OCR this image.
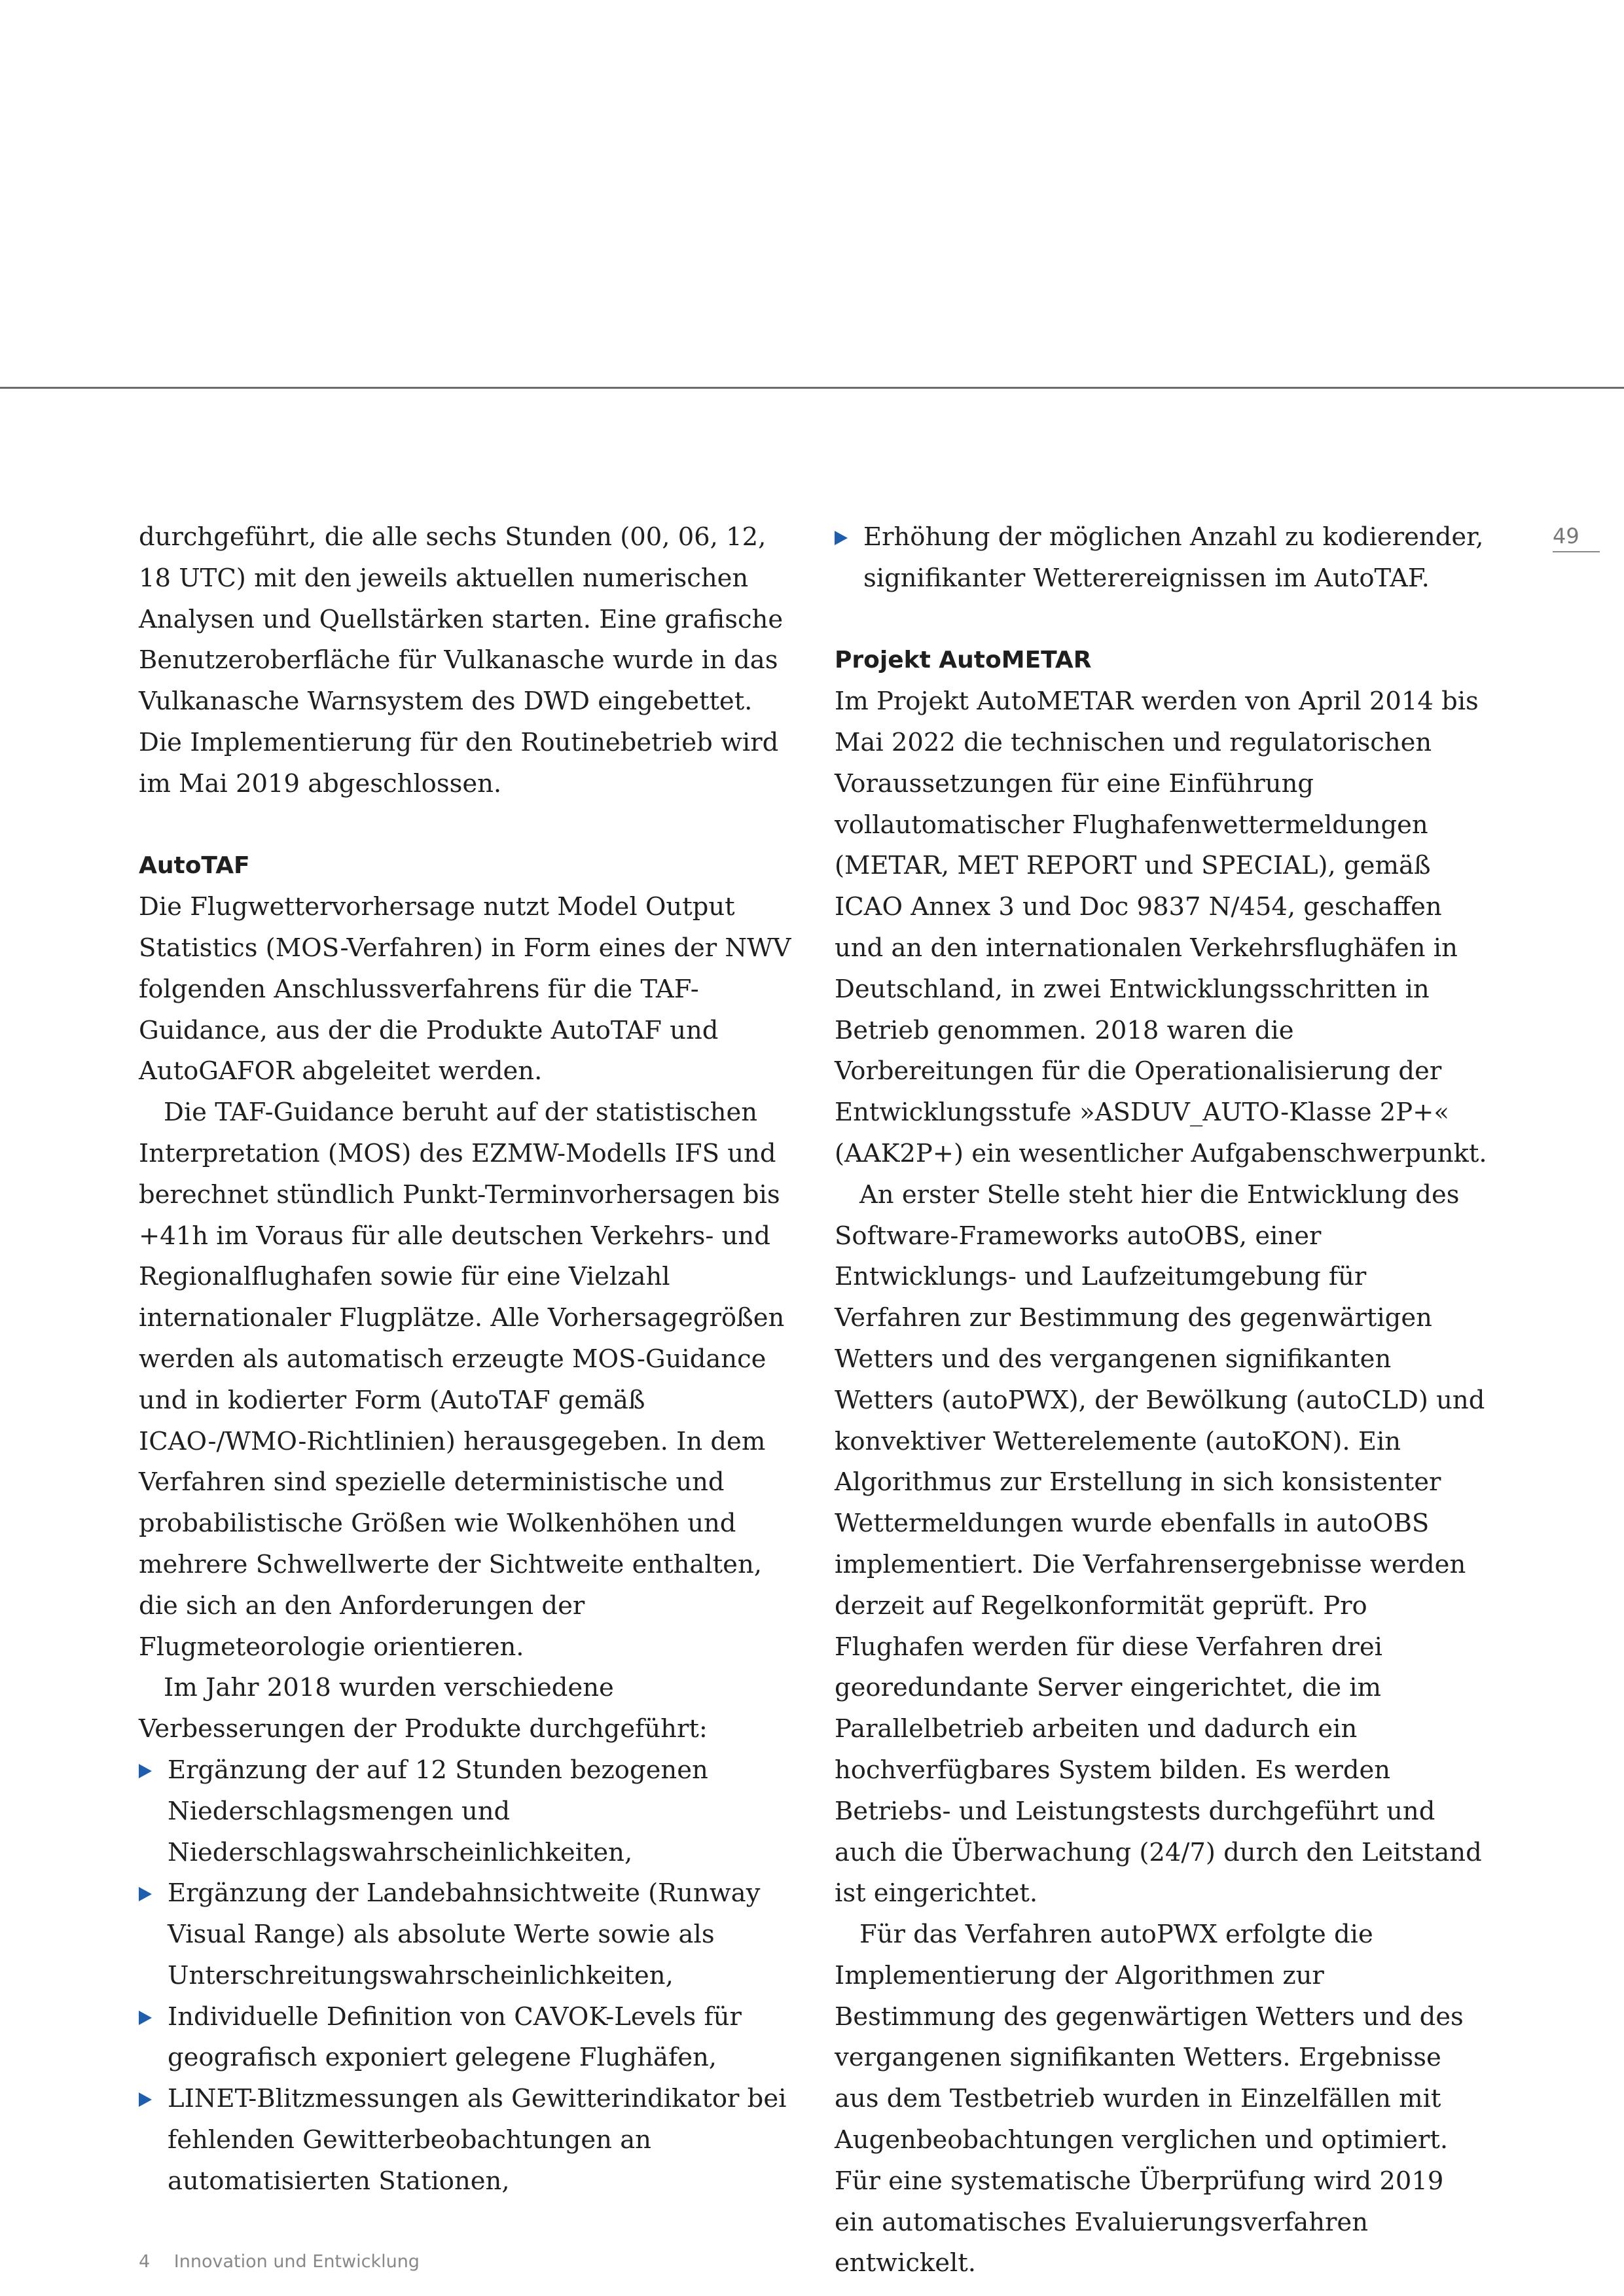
49

durchgeführt, die alle sechs Stunden (00, 06, 12, 18 UTC) mit den jeweils aktuellen numerischen Analysen und Quellstärken starten. Eine grafische Benutzeroberfläche für Vulkanasche wurde in das Vulkanasche Warnsystem des DWD eingebettet. Die Implementierung für den Routinebetrieb wird im Mai 2019 abgeschlossen.

AutoTAF

Die Flugwettervorhersage nutzt Model Output Statistics (MOS-Verfahren) in Form eines der NWV folgenden Anschlussverfahrens für die TAF-Guidance, aus der die Produkte AutoTAF und AutoGAFOR abgeleitet werden.

Die TAF-Guidance beruht auf der statistischen Interpretation (MOS) des EZMW-Modells IFS und berechnet stündlich Punkt-Terminvorhersagen bis +41h im Voraus für alle deutschen Verkehrs- und Regionalflughafen sowie für eine Vielzahl internationaler Flugplätze. Alle Vorhersagegrößen werden als automatisch erzeugte MOS-Guidance und in kodierter Form (AutoTAF gemäß ICAO-/WMO-Richtlinien) herausgegeben. In dem Verfahren sind spezielle deterministische und probabilistische Größen wie Wolkenhöhen und mehrere Schwellwerte der Sichtweite enthalten, die sich an den Anforderungen der Flugmeteorologie orientieren.

Im Jahr 2018 wurden verschiedene Verbesserungen der Produkte durchgeführt:

Ergänzung der auf 12 Stunden bezogenen Niederschlagsmengen und Niederschlagswahrscheinlichkeiten,
Ergänzung der Landebahnsichtweite (Runway Visual Range) als absolute Werte sowie als Unterschreitungswahrscheinlichkeiten,
Individuelle Definition von CAVOK-Levels für geografisch exponiert gelegene Flughäfen,
LINET-Blitzmessungen als Gewitterindikator bei fehlenden Gewitterbeobachtungen an automatisierten Stationen,
Erhöhung der möglichen Anzahl zu kodierender, signifikanter Wetterereignissen im AutoTAF.
Projekt AutoMETAR

Im Projekt AutoMETAR werden von April 2014 bis Mai 2022 die technischen und regulatorischen Voraussetzungen für eine Einführung vollautomatischer Flughafenwettermeldungen (METAR, MET REPORT und SPECIAL), gemäß ICAO Annex 3 und Doc 9837 N/454, geschaffen und an den internationalen Verkehrsflughäfen in Deutschland, in zwei Entwicklungsschritten in Betrieb genommen. 2018 waren die Vorbereitungen für die Operationalisierung der Entwicklungsstufe »ASDUV_AUTO-Klasse 2P+« (AAK2P+) ein wesentlicher Aufgabenschwerpunkt.

An erster Stelle steht hier die Entwicklung des Software-Frameworks autoOBS, einer Entwicklungs- und Laufzeitumgebung für Verfahren zur Bestimmung des gegenwärtigen Wetters und des vergangenen signifikanten Wetters (autoPWX), der Bewölkung (autoCLD) und konvektiver Wetterelemente (autoKON). Ein Algorithmus zur Erstellung in sich konsistenter Wettermeldungen wurde ebenfalls in autoOBS implementiert. Die Verfahrensergebnisse werden derzeit auf Regelkonformität geprüft. Pro Flughafen werden für diese Verfahren drei georedundante Server eingerichtet, die im Parallelbetrieb arbeiten und dadurch ein hochverfügbares System bilden. Es werden Betriebs- und Leistungstests durchgeführt und auch die Überwachung (24/7) durch den Leitstand ist eingerichtet.

Für das Verfahren autoPWX erfolgte die Implementierung der Algorithmen zur Bestimmung des gegenwärtigen Wetters und des vergangenen signifikanten Wetters. Ergebnisse aus dem Testbetrieb wurden in Einzelfällen mit Augenbeobachtungen verglichen und optimiert. Für eine systematische Überprüfung wird 2019 ein automatisches Evaluierungsverfahren entwickelt.

4 Innovation und Entwicklung
